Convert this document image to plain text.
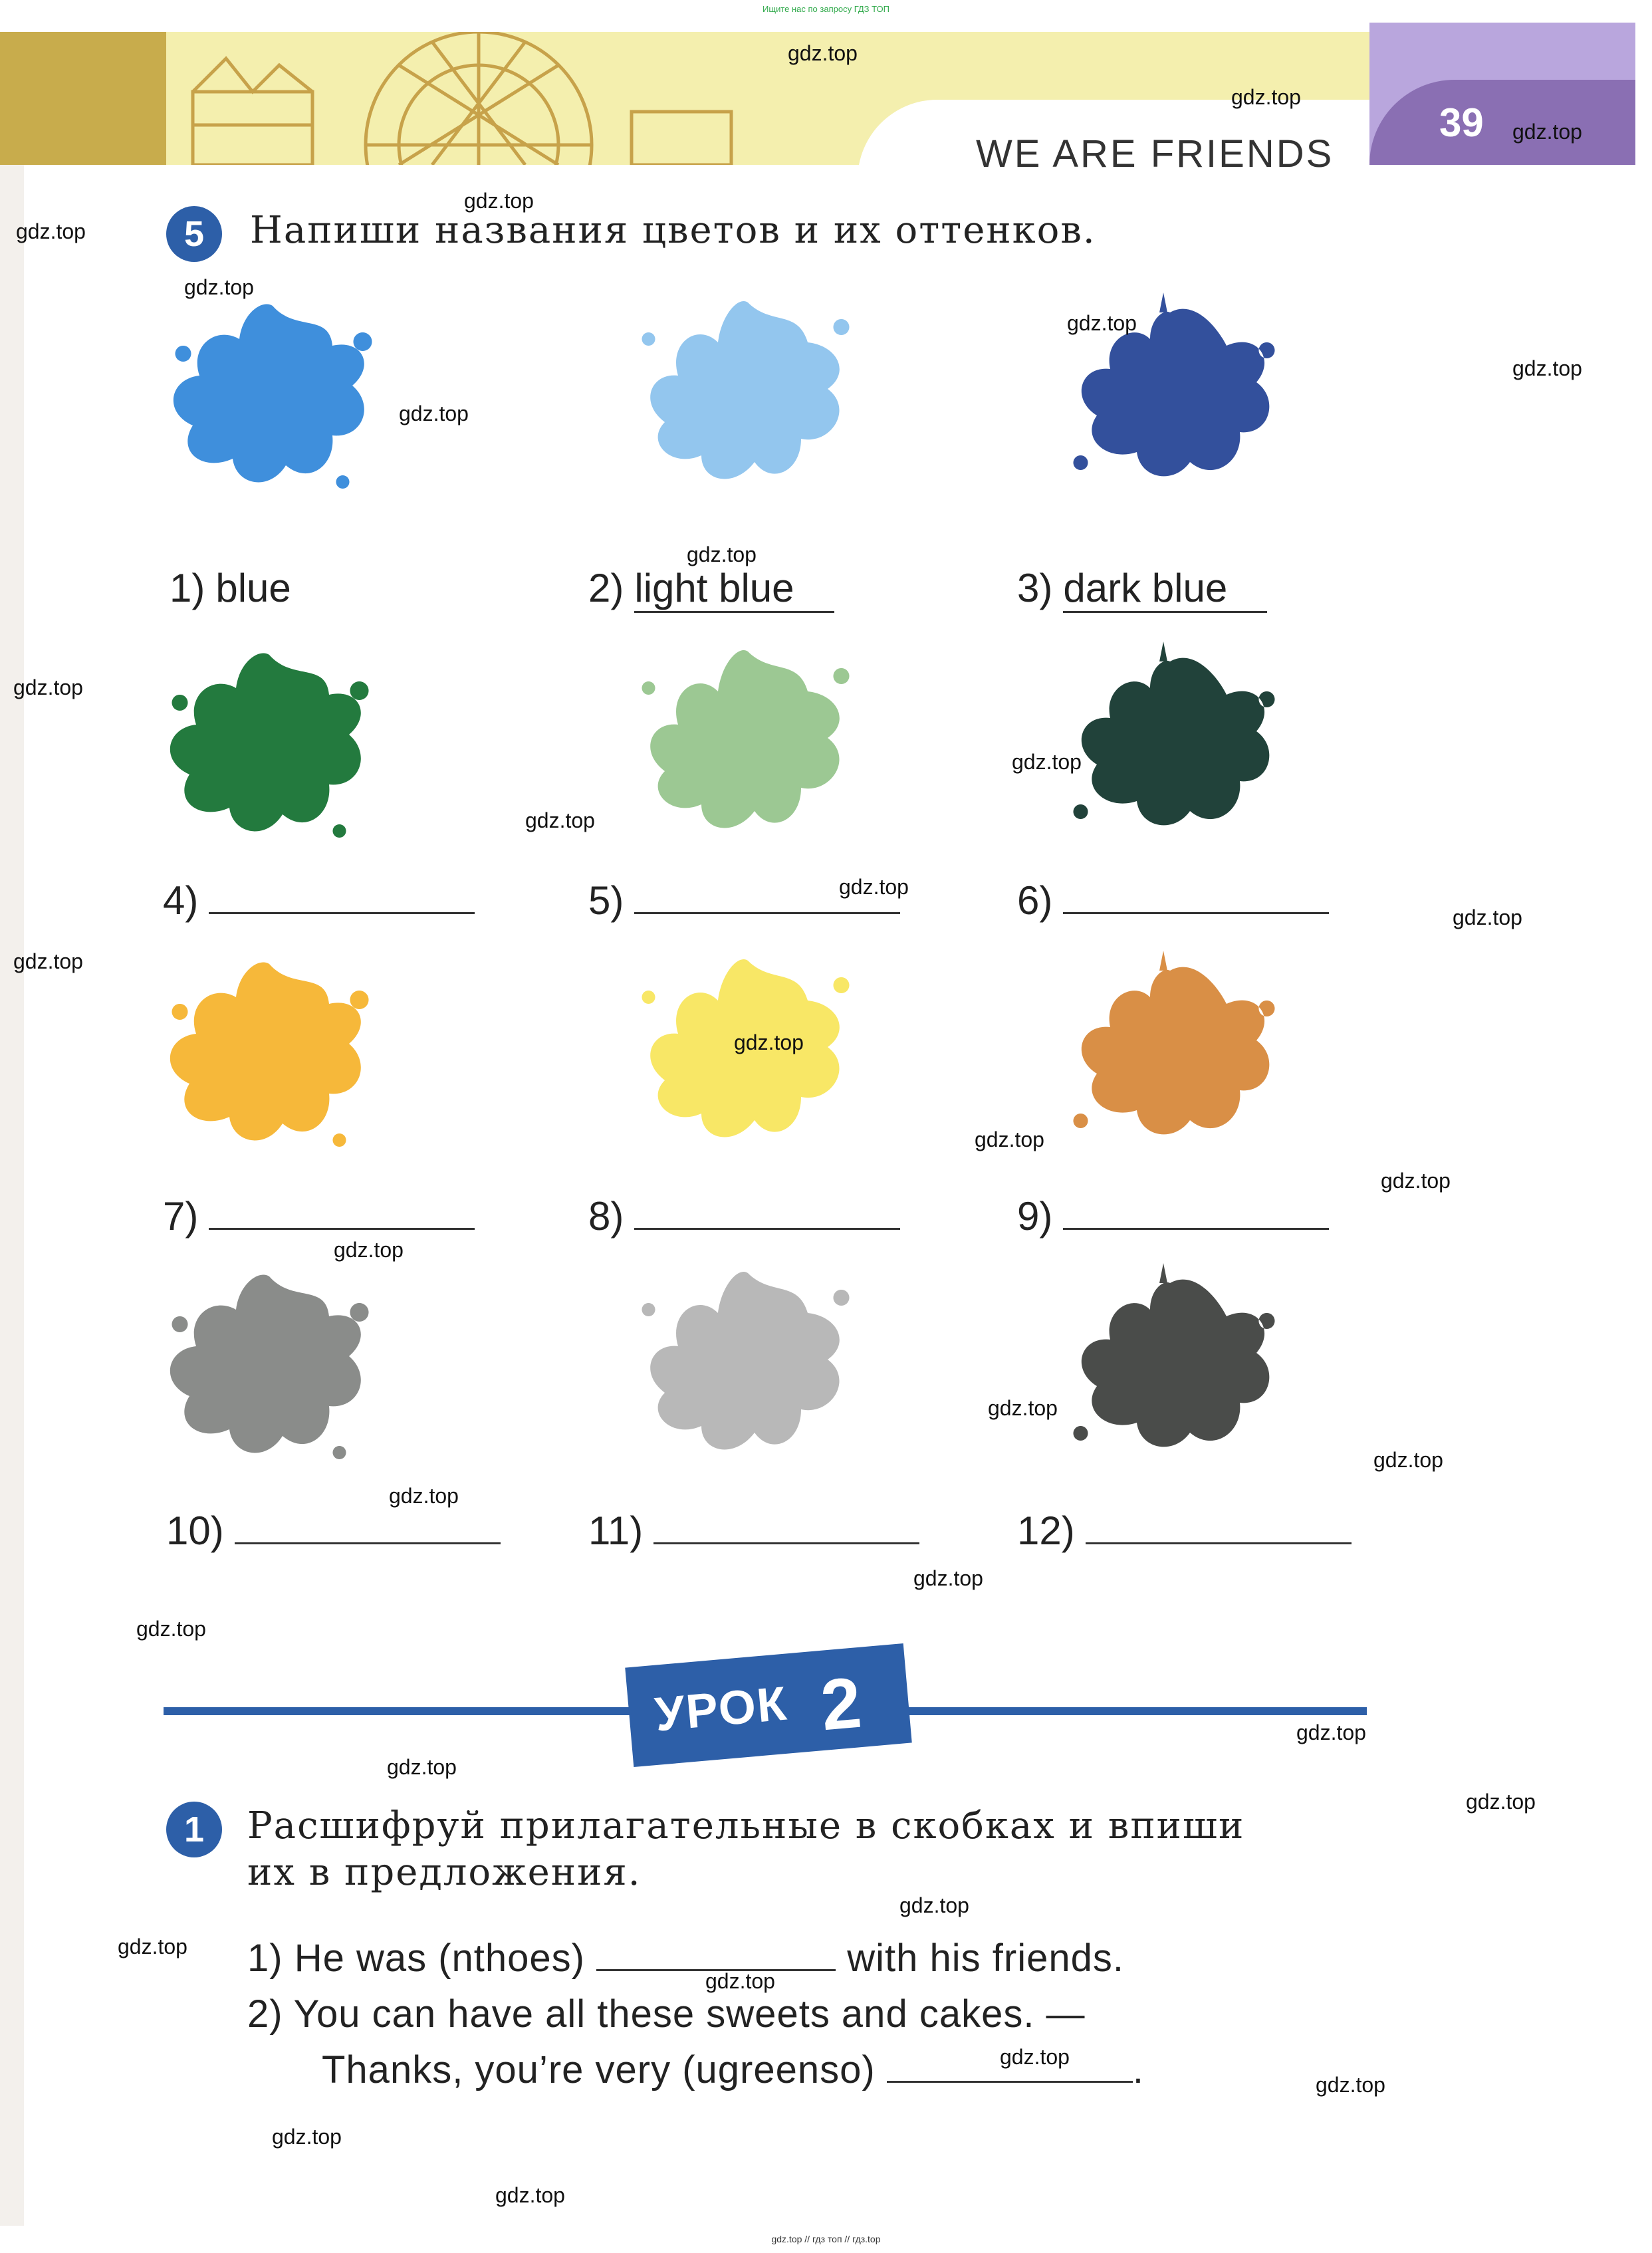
Ищите нас по запросу ГДЗ ТОП
39
WE ARE FRIENDS
5	Напиши названия цветов и их оттенков.
1) blue	2) light blue	3) dark blue
4)	5)	6)
7)	8)	9)
10)	11)	12)
УРОК 2
1	Расшифруй прилагательные в скобках и впиши
их в предложения.
1) He was (nthoes)	with his friends.
2) You can have all these sweets and cakes. —
Thanks, you’re very (ugreenso)	.
gdz.top
gdz.top
gdz.top
gdz.top
gdz.top
gdz.top
gdz.top
gdz.top
gdz.top
gdz.top
gdz.top
gdz.top
gdz.top
gdz.top
gdz.top
gdz.top
gdz.top
gdz.top
gdz.top
gdz.top
gdz.top
gdz.top
gdz.top
gdz.top
gdz.top
gdz.top
gdz.top
gdz.top
gdz.top
gdz.top
gdz.top
gdz.top
gdz.top
gdz.top
gdz.top
gdz.top // гдз топ // гдз.top
